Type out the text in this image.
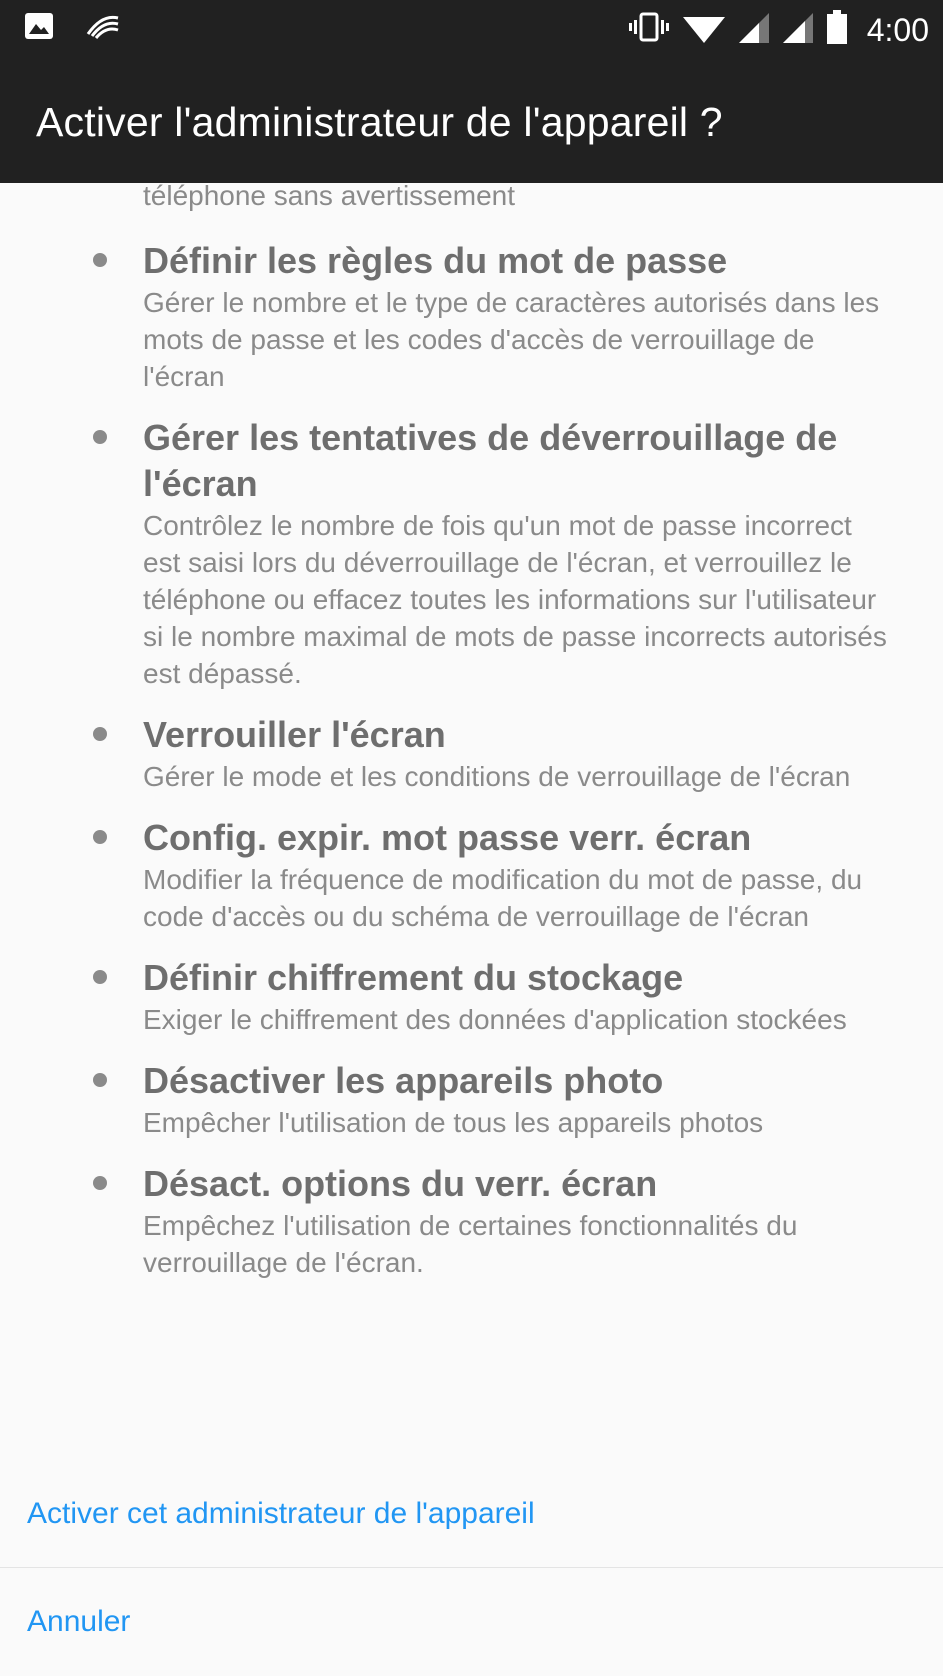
4:00
Activer l'administrateur de l'appareil ?
téléphone sans avertissement
Définir les règles du mot de passe
Gérer le nombre et le type de caractères autorisés dans les mots de passe et les codes d'accès de verrouillage de l'écran
Gérer les tentatives de déverrouillage de l'écran
Contrôlez le nombre de fois qu'un mot de passe incorrect est saisi lors du déverrouillage de l'écran, et verrouillez le téléphone ou effacez toutes les informations sur l'utilisateur si le nombre maximal de mots de passe incorrects autorisés est dépassé.
Verrouiller l'écran
Gérer le mode et les conditions de verrouillage de l'écran
Config. expir. mot passe verr. écran
Modifier la fréquence de modification du mot de passe, du code d'accès ou du schéma de verrouillage de l'écran
Définir chiffrement du stockage
Exiger le chiffrement des données d'application stockées
Désactiver les appareils photo
Empêcher l'utilisation de tous les appareils photos
Désact. options du verr. écran
Empêchez l'utilisation de certaines fonctionnalités du verrouillage de l'écran.
Activer cet administrateur de l'appareil
Annuler
